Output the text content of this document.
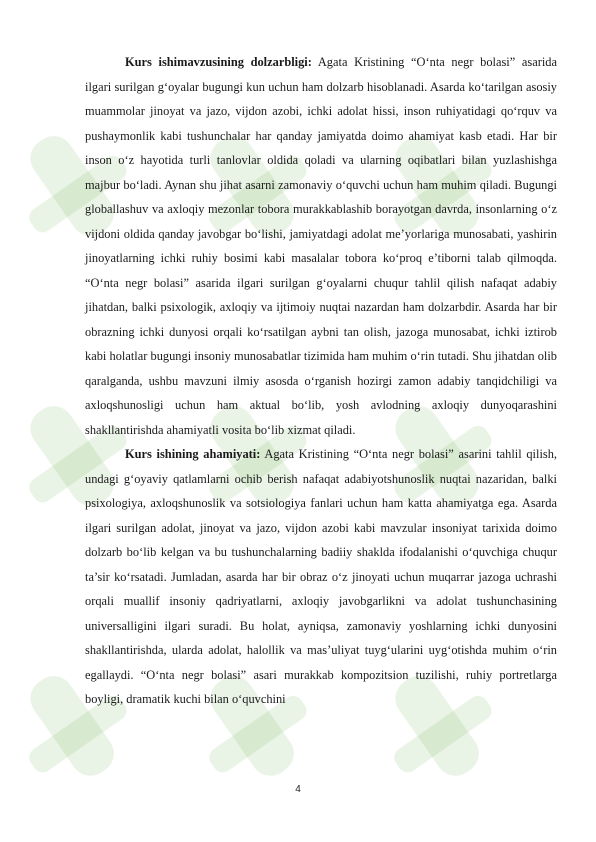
Kurs ishimavzusining dolzarbligi: Agata Kristining “O‘nta negr bolasi” asarida ilgari surilgan g‘oyalar bugungi kun uchun ham dolzarb hisoblanadi. Asarda ko‘tarilgan asosiy muammolar jinoyat va jazo, vijdon azobi, ichki adolat hissi, inson ruhiyatidagi qo‘rquv va pushaymonlik kabi tushunchalar har qanday jamiyatda doimo ahamiyat kasb etadi. Har bir inson o‘z hayotida turli tanlovlar oldida qoladi va ularning oqibatlari bilan yuzlashishga majbur bo‘ladi. Aynan shu jihat asarni zamonaviy o‘quvchi uchun ham muhim qiladi. Bugungi globallashuv va axloqiy mezonlar tobora murakkablashib borayotgan davrda, insonlarning o‘z vijdoni oldida qanday javobgar bo‘lishi, jamiyatdagi adolat me’yorlariga munosabati, yashirin jinoyatlarning ichki ruhiy bosimi kabi masalalar tobora ko‘proq e’tiborni talab qilmoqda. “O‘nta negr bolasi” asarida ilgari surilgan g‘oyalarni chuqur tahlil qilish nafaqat adabiy jihatdan, balki psixologik, axloqiy va ijtimoiy nuqtai nazardan ham dolzarbdir. Asarda har bir obrazning ichki dunyosi orqali ko‘rsatilgan aybni tan olish, jazoga munosabat, ichki iztirob kabi holatlar bugungi insoniy munosabatlar tizimida ham muhim o‘rin tutadi. Shu jihatdan olib qaralganda, ushbu mavzuni ilmiy asosda o‘rganish hozirgi zamon adabiy tanqidchiligi va axloqshunosligi uchun ham aktual bo‘lib, yosh avlodning axloqiy dunyoqarashini shakllantirishda ahamiyatli vosita bo‘lib xizmat qiladi.

Kurs ishining ahamiyati: Agata Kristining “O‘nta negr bolasi” asarini tahlil qilish, undagi g‘oyaviy qatlamlarni ochib berish nafaqat adabiyotshunoslik nuqtai nazaridan, balki psixologiya, axloqshunoslik va sotsiologiya fanlari uchun ham katta ahamiyatga ega. Asarda ilgari surilgan adolat, jinoyat va jazo, vijdon azobi kabi mavzular insoniyat tarixida doimo dolzarb bo‘lib kelgan va bu tushunchalarning badiiy shaklda ifodalanishi o‘quvchiga chuqur ta’sir ko‘rsatadi. Jumladan, asarda har bir obraz o‘z jinoyati uchun muqarrar jazoga uchrashi orqali muallif insoniy qadriyatlarni, axloqiy javobgarlikni va adolat tushunchasining universalligini ilgari suradi. Bu holat, ayniqsa, zamonaviy yoshlarning ichki dunyosini shakllantirishda, ularda adolat, halollik va mas’uliyat tuyg‘ularini uyg‘otishda muhim o‘rin egallaydi. “O‘nta negr bolasi” asari murakkab kompozitsion tuzilishi, ruhiy portretlarga boyligi, dramatik kuchi bilan o‘quvchini

4
